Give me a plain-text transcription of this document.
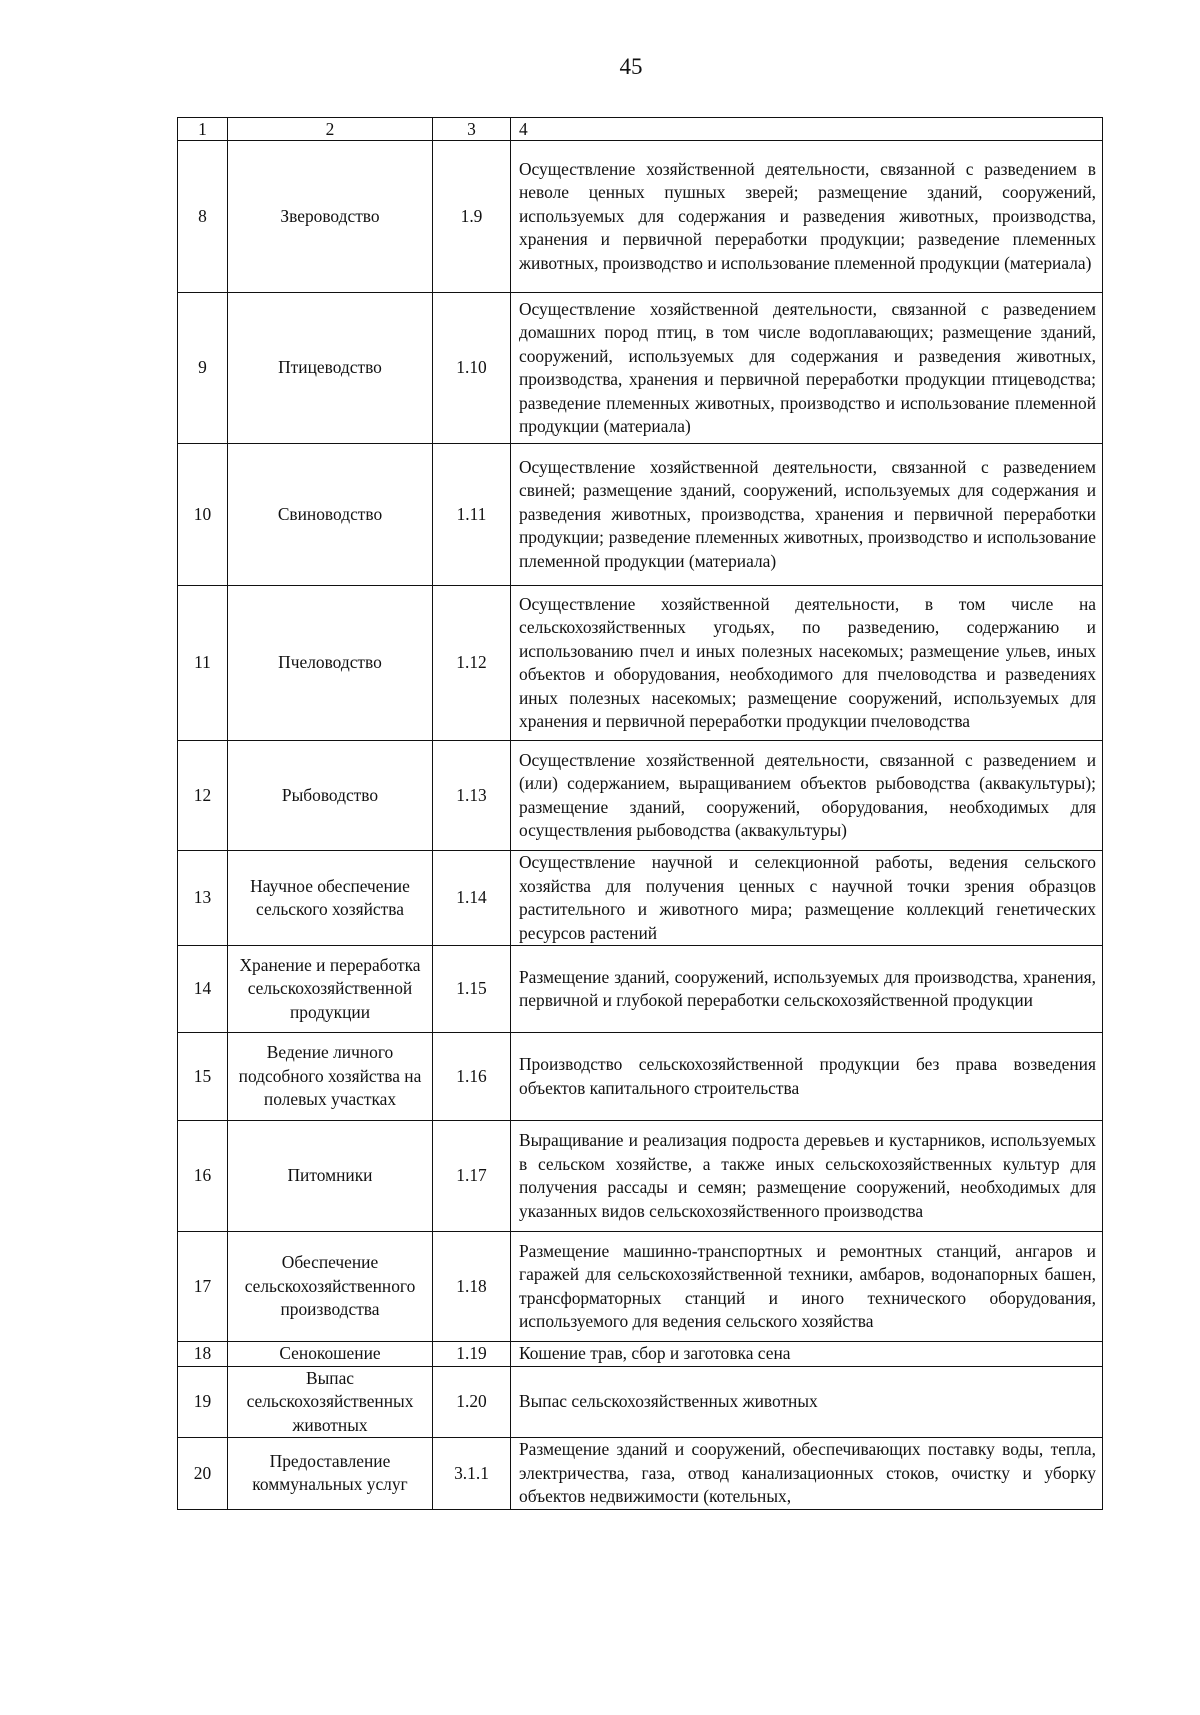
45
1	2	3	4
8	Звероводство	1.9	Осуществление хозяйственной деятельности, связанной с разведением в неволе ценных пушных зверей; размещение зданий, сооружений, используемых для содержания и разведения животных, производства, хранения и первичной переработки продукции; разведение племенных животных, производство и использование племенной продукции (материала)
9	Птицеводство	1.10	Осуществление хозяйственной деятельности, связанной с разведением домашних пород птиц, в том числе водоплавающих; размещение зданий, сооружений, используемых для содержания и разведения животных, производства, хранения и первичной переработки продукции птицеводства; разведение племенных животных, производство и использование племенной продукции (материала)
10	Свиноводство	1.11	Осуществление хозяйственной деятельности, связанной с разведением свиней; размещение зданий, сооружений, используемых для содержания и разведения животных, производства, хранения и первичной переработки продукции; разведение племенных животных, производство и использование племенной продукции (материала)
11	Пчеловодство	1.12	Осуществление хозяйственной деятельности, в том числе на сельскохозяйственных угодьях, по разведению, содержанию и использованию пчел и иных полезных насекомых; размещение ульев, иных объектов и оборудования, необходимого для пчеловодства и разведениях иных полезных насекомых; размещение сооружений, используемых для хранения и первичной переработки продукции пчеловодства
12	Рыбоводство	1.13	Осуществление хозяйственной деятельности, связанной с разведением и (или) содержанием, выращиванием объектов рыбоводства (аквакультуры); размещение зданий, сооружений, оборудования, необходимых для осуществления рыбоводства (аквакультуры)
13	Научное обеспечение сельского хозяйства	1.14	Осуществление научной и селекционной работы, ведения сельского хозяйства для получения ценных с научной точки зрения образцов растительного и животного мира; размещение коллекций генетических ресурсов растений
14	Хранение и переработка сельскохозяйственной продукции	1.15	Размещение зданий, сооружений, используемых для производства, хранения, первичной и глубокой переработки сельскохозяйственной продукции
15	Ведение личного подсобного хозяйства на полевых участках	1.16	Производство сельскохозяйственной продукции без права возведения объектов капитального строительства
16	Питомники	1.17	Выращивание и реализация подроста деревьев и кустарников, используемых в сельском хозяйстве, а также иных сельскохозяйственных культур для получения рассады и семян; размещение сооружений, необходимых для указанных видов сельскохозяйственного производства
17	Обеспечение сельскохозяйственного производства	1.18	Размещение машинно-транспортных и ремонтных станций, ангаров и гаражей для сельскохозяйственной техники, амбаров, водонапорных башен, трансформаторных станций и иного технического оборудования, используемого для ведения сельского хозяйства
18	Сенокошение	1.19	Кошение трав, сбор и заготовка сена
19	Выпас сельскохозяйственных животных	1.20	Выпас сельскохозяйственных животных
20	Предоставление коммунальных услуг	3.1.1	Размещение зданий и сооружений, обеспечивающих поставку воды, тепла, электричества, газа, отвод канализационных стоков, очистку и уборку объектов недвижимости (котельных,
